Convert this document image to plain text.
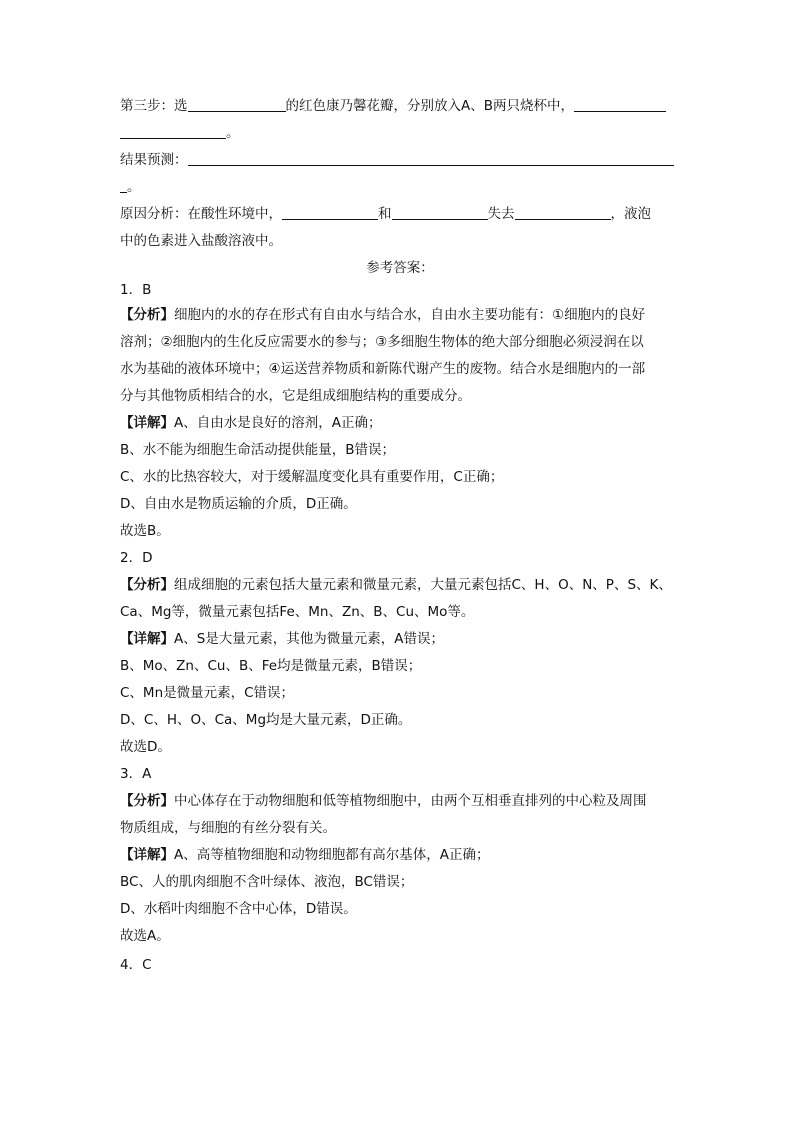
第三步：选	的红色康乃馨花瓣，分别放入A、B两只烧杯中，
。
结果预测：
。
原因分析：在酸性环境中，	和	失去	，液泡
中的色素进入盐酸溶液中。
参考答案：
1．B
【分析】细胞内的水的存在形式有自由水与结合水，自由水主要功能有：①细胞内的良好
溶剂；②细胞内的生化反应需要水的参与；③多细胞生物体的绝大部分细胞必须浸润在以
水为基础的液体环境中；④运送营养物质和新陈代谢产生的废物。结合水是细胞内的一部
分与其他物质相结合的水，它是组成细胞结构的重要成分。
【详解】A、自由水是良好的溶剂，A正确；
B、水不能为细胞生命活动提供能量，B错误；
C、水的比热容较大，对于缓解温度变化具有重要作用，C正确；
D、自由水是物质运输的介质，D正确。
故选B。
2．D
【分析】组成细胞的元素包括大量元素和微量元素，大量元素包括C、H、O、N、P、S、K、
Ca、Mg等，微量元素包括Fe、Mn、Zn、B、Cu、Mo等。
【详解】A、S是大量元素，其他为微量元素，A错误；
B、Mo、Zn、Cu、B、Fe均是微量元素，B错误；
C、Mn是微量元素，C错误；
D、C、H、O、Ca、Mg均是大量元素，D正确。
故选D。
3．A
【分析】中心体存在于动物细胞和低等植物细胞中，由两个互相垂直排列的中心粒及周围
物质组成，与细胞的有丝分裂有关。
【详解】A、高等植物细胞和动物细胞都有高尔基体，A正确；
BC、人的肌肉细胞不含叶绿体、液泡，BC错误；
D、水稻叶肉细胞不含中心体，D错误。
故选A。
4．C
